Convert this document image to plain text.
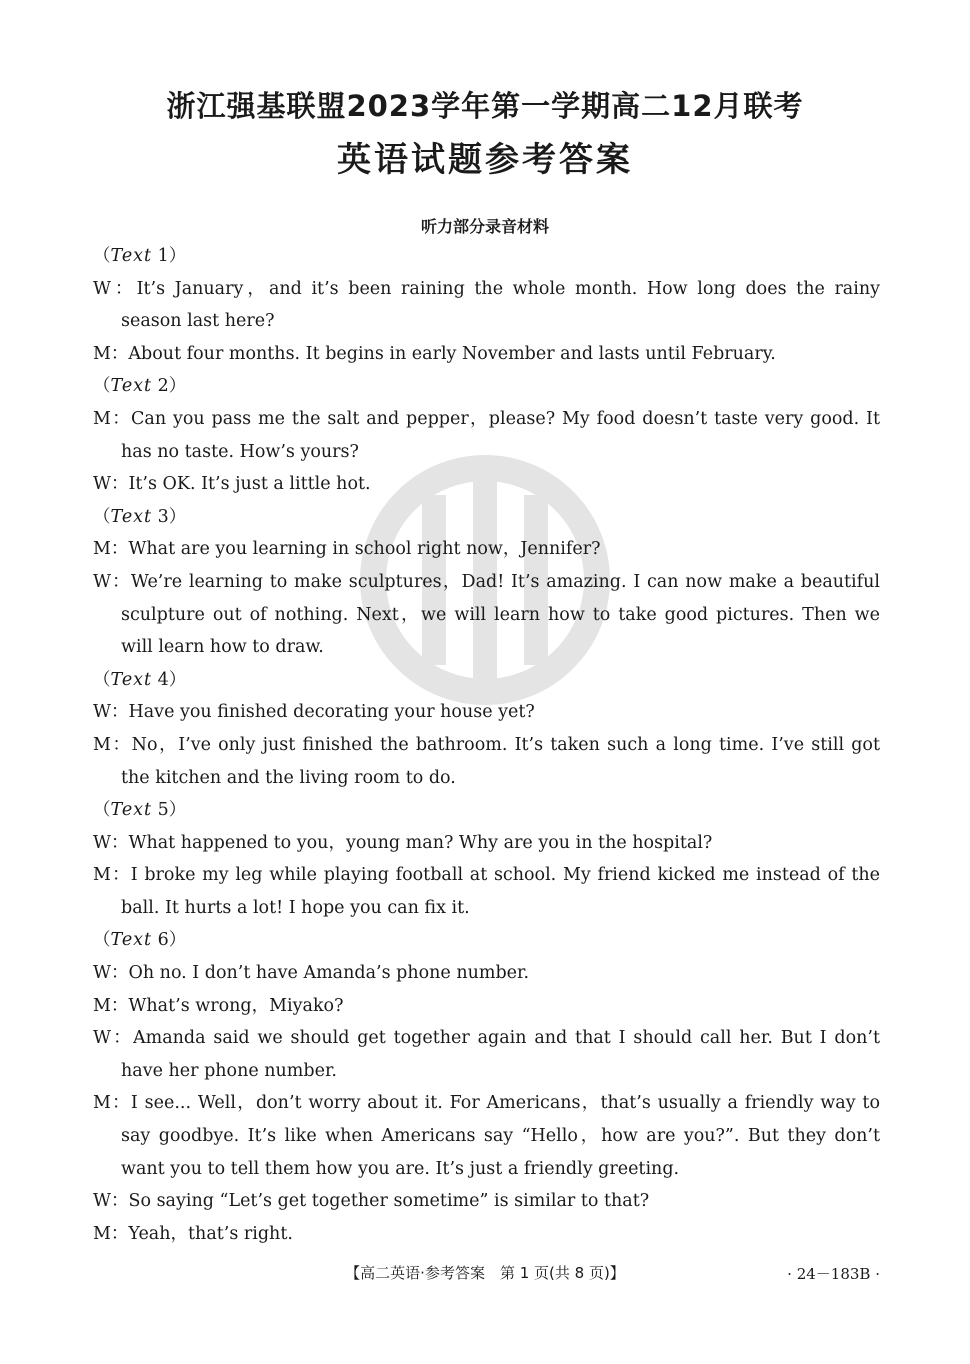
浙江强基联盟2023学年第一学期高二12月联考
英语试题参考答案
听力部分录音材料
（Text 1）
W：It’s January，and it’s been raining the whole month. How long does the rainy season last here?
M：About four months. It begins in early November and lasts until February.
（Text 2）
M：Can you pass me the salt and pepper，please? My food doesn’t taste very good. It has no taste. How’s yours?
W：It’s OK. It’s just a little hot.
（Text 3）
M：What are you learning in school right now，Jennifer?
W：We’re learning to make sculptures，Dad! It’s amazing. I can now make a beautiful sculpture out of nothing. Next，we will learn how to take good pictures. Then we will learn how to draw.
（Text 4）
W：Have you finished decorating your house yet?
M：No，I’ve only just finished the bathroom. It’s taken such a long time. I’ve still got the kitchen and the living room to do.
（Text 5）
W：What happened to you，young man? Why are you in the hospital?
M：I broke my leg while playing football at school. My friend kicked me instead of the ball. It hurts a lot! I hope you can fix it.
（Text 6）
W：Oh no. I don’t have Amanda’s phone number.
M：What’s wrong，Miyako?
W：Amanda said we should get together again and that I should call her. But I don’t have her phone number.
M：I see... Well，don’t worry about it. For Americans，that’s usually a friendly way to say goodbye. It’s like when Americans say “Hello，how are you?”. But they don’t want you to tell them how you are. It’s just a friendly greeting.
W：So saying “Let’s get together sometime” is similar to that?
M：Yeah，that’s right.
【高二英语·参考答案　第 1 页(共 8 页)】	· 24－183B ·
